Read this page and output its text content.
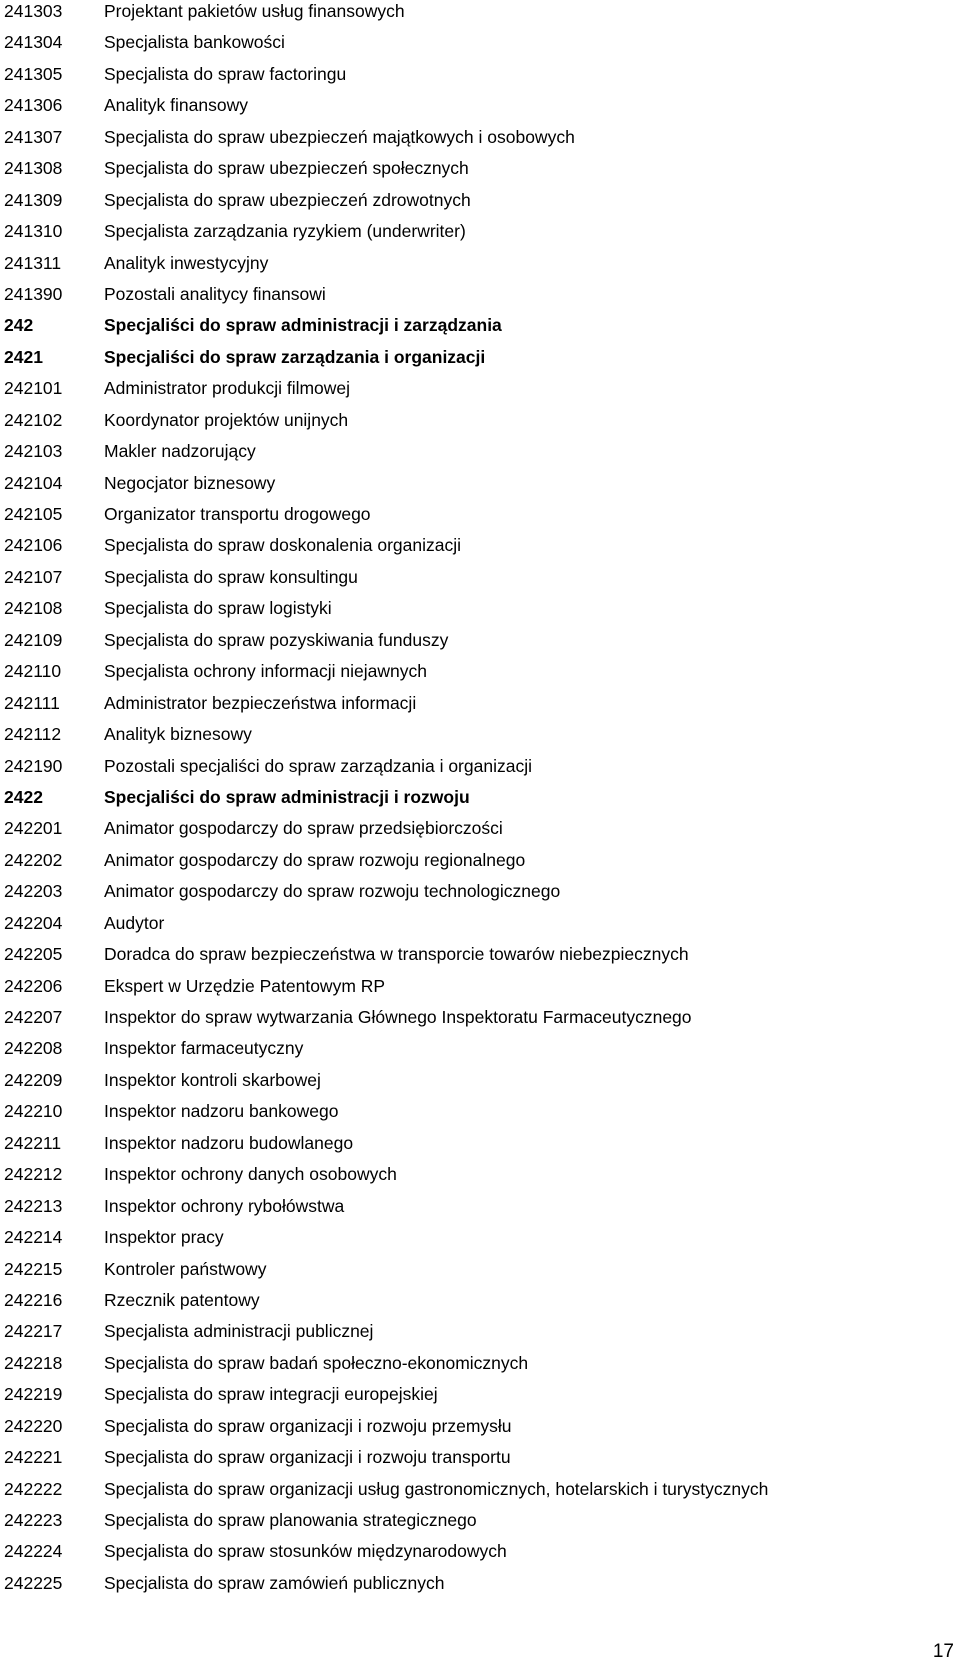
241303	Projektant pakietów usług finansowych
241304	Specjalista bankowości
241305	Specjalista do spraw factoringu
241306	Analityk finansowy
241307	Specjalista do spraw ubezpieczeń majątkowych i osobowych
241308	Specjalista do spraw ubezpieczeń społecznych
241309	Specjalista do spraw ubezpieczeń zdrowotnych
241310	Specjalista zarządzania ryzykiem (underwriter)
241311	Analityk inwestycyjny
241390	Pozostali analitycy finansowi
242	Specjaliści do spraw administracji i zarządzania
2421	Specjaliści do spraw zarządzania i organizacji
242101	Administrator produkcji filmowej
242102	Koordynator projektów unijnych
242103	Makler nadzorujący
242104	Negocjator biznesowy
242105	Organizator transportu drogowego
242106	Specjalista do spraw doskonalenia organizacji
242107	Specjalista do spraw konsultingu
242108	Specjalista do spraw logistyki
242109	Specjalista do spraw pozyskiwania funduszy
242110	Specjalista ochrony informacji niejawnych
242111	Administrator bezpieczeństwa informacji
242112	Analityk biznesowy
242190	Pozostali specjaliści do spraw zarządzania i organizacji
2422	Specjaliści do spraw administracji i rozwoju
242201	Animator gospodarczy do spraw przedsiębiorczości
242202	Animator gospodarczy do spraw rozwoju regionalnego
242203	Animator gospodarczy do spraw rozwoju technologicznego
242204	Audytor
242205	Doradca do spraw bezpieczeństwa w transporcie towarów niebezpiecznych
242206	Ekspert w Urzędzie Patentowym RP
242207	Inspektor do spraw wytwarzania Głównego Inspektoratu Farmaceutycznego
242208	Inspektor farmaceutyczny
242209	Inspektor kontroli skarbowej
242210	Inspektor nadzoru bankowego
242211	Inspektor nadzoru budowlanego
242212	Inspektor ochrony danych osobowych
242213	Inspektor ochrony rybołówstwa
242214	Inspektor pracy
242215	Kontroler państwowy
242216	Rzecznik patentowy
242217	Specjalista administracji publicznej
242218	Specjalista do spraw badań społeczno-ekonomicznych
242219	Specjalista do spraw integracji europejskiej
242220	Specjalista do spraw organizacji i rozwoju przemysłu
242221	Specjalista do spraw organizacji i rozwoju transportu
242222	Specjalista do spraw organizacji usług gastronomicznych, hotelarskich i turystycznych
242223	Specjalista do spraw planowania strategicznego
242224	Specjalista do spraw stosunków międzynarodowych
242225	Specjalista do spraw zamówień publicznych
17
